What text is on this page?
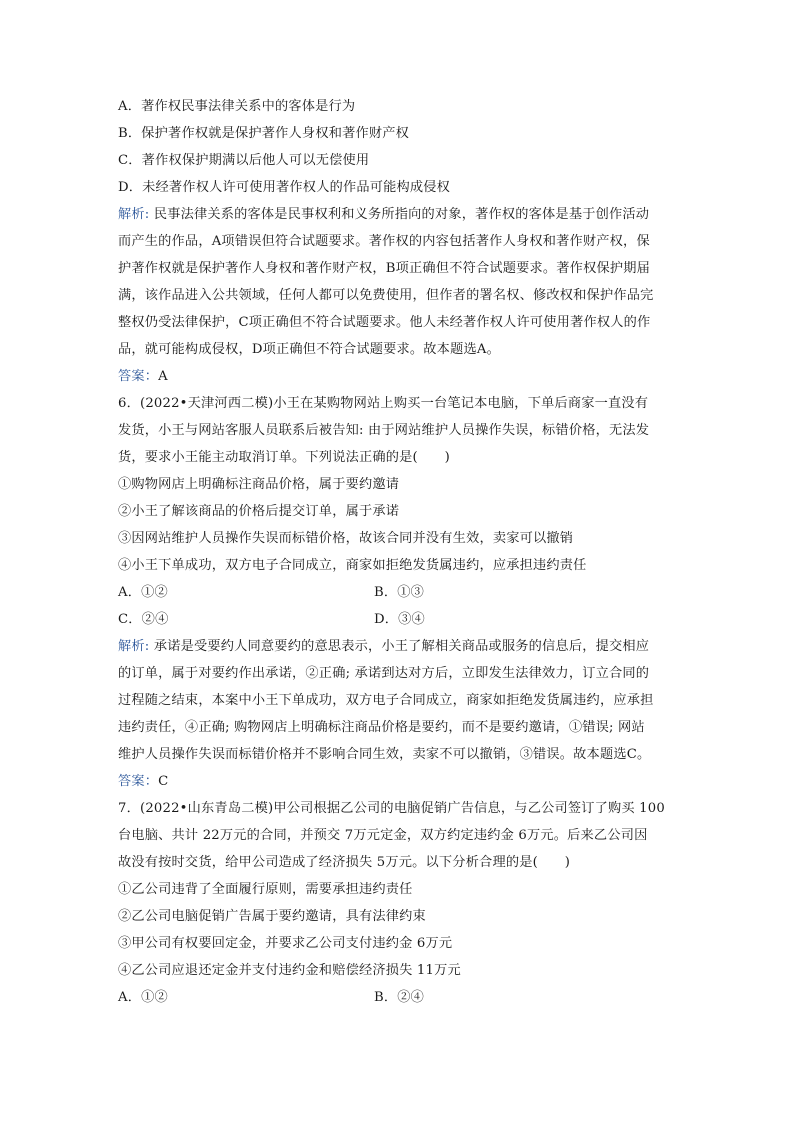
A．著作权民事法律关系中的客体是行为
B．保护著作权就是保护著作人身权和著作财产权
C．著作权保护期满以后他人可以无偿使用
D．未经著作权人许可使用著作权人的作品可能构成侵权
解析: 民事法律关系的客体是民事权利和义务所指向的对象，著作权的客体是基于创作活动
而产生的作品，A项错误但符合试题要求。著作权的内容包括著作人身权和著作财产权，保
护著作权就是保护著作人身权和著作财产权，B项正确但不符合试题要求。著作权保护期届
满，该作品进入公共领域，任何人都可以免费使用，但作者的署名权、修改权和保护作品完
整权仍受法律保护，C项正确但不符合试题要求。他人未经著作权人许可使用著作权人的作
品，就可能构成侵权，D项正确但不符合试题要求。故本题选A。
答案：A
6．(2022•天津河西二模)小王在某购物网站上购买一台笔记本电脑，下单后商家一直没有
发货，小王与网站客服人员联系后被告知: 由于网站维护人员操作失误，标错价格，无法发
货，要求小王能主动取消订单。下列说法正确的是(　　)
①购物网店上明确标注商品价格，属于要约邀请
②小王了解该商品的价格后提交订单，属于承诺
③因网站维护人员操作失误而标错价格，故该合同并没有生效，卖家可以撤销
④小王下单成功，双方电子合同成立，商家如拒绝发货属违约，应承担违约责任
A．①②	B．①③
C．②④	D．③④
解析: 承诺是受要约人同意要约的意思表示，小王了解相关商品或服务的信息后，提交相应
的订单，属于对要约作出承诺，②正确; 承诺到达对方后，立即发生法律效力，订立合同的
过程随之结束，本案中小王下单成功，双方电子合同成立，商家如拒绝发货属违约，应承担
违约责任，④正确; 购物网店上明确标注商品价格是要约，而不是要约邀请，①错误; 网站
维护人员操作失误而标错价格并不影响合同生效，卖家不可以撤销，③错误。故本题选C。
答案：C
7．(2022•山东青岛二模)甲公司根据乙公司的电脑促销广告信息，与乙公司签订了购买 100
台电脑、共计 22万元的合同，并预交 7万元定金，双方约定违约金 6万元。后来乙公司因
故没有按时交货，给甲公司造成了经济损失 5万元。以下分析合理的是(　　)
①乙公司违背了全面履行原则，需要承担违约责任
②乙公司电脑促销广告属于要约邀请，具有法律约束
③甲公司有权要回定金，并要求乙公司支付违约金 6万元
④乙公司应退还定金并支付违约金和赔偿经济损失 11万元
A．①②	B．②④
